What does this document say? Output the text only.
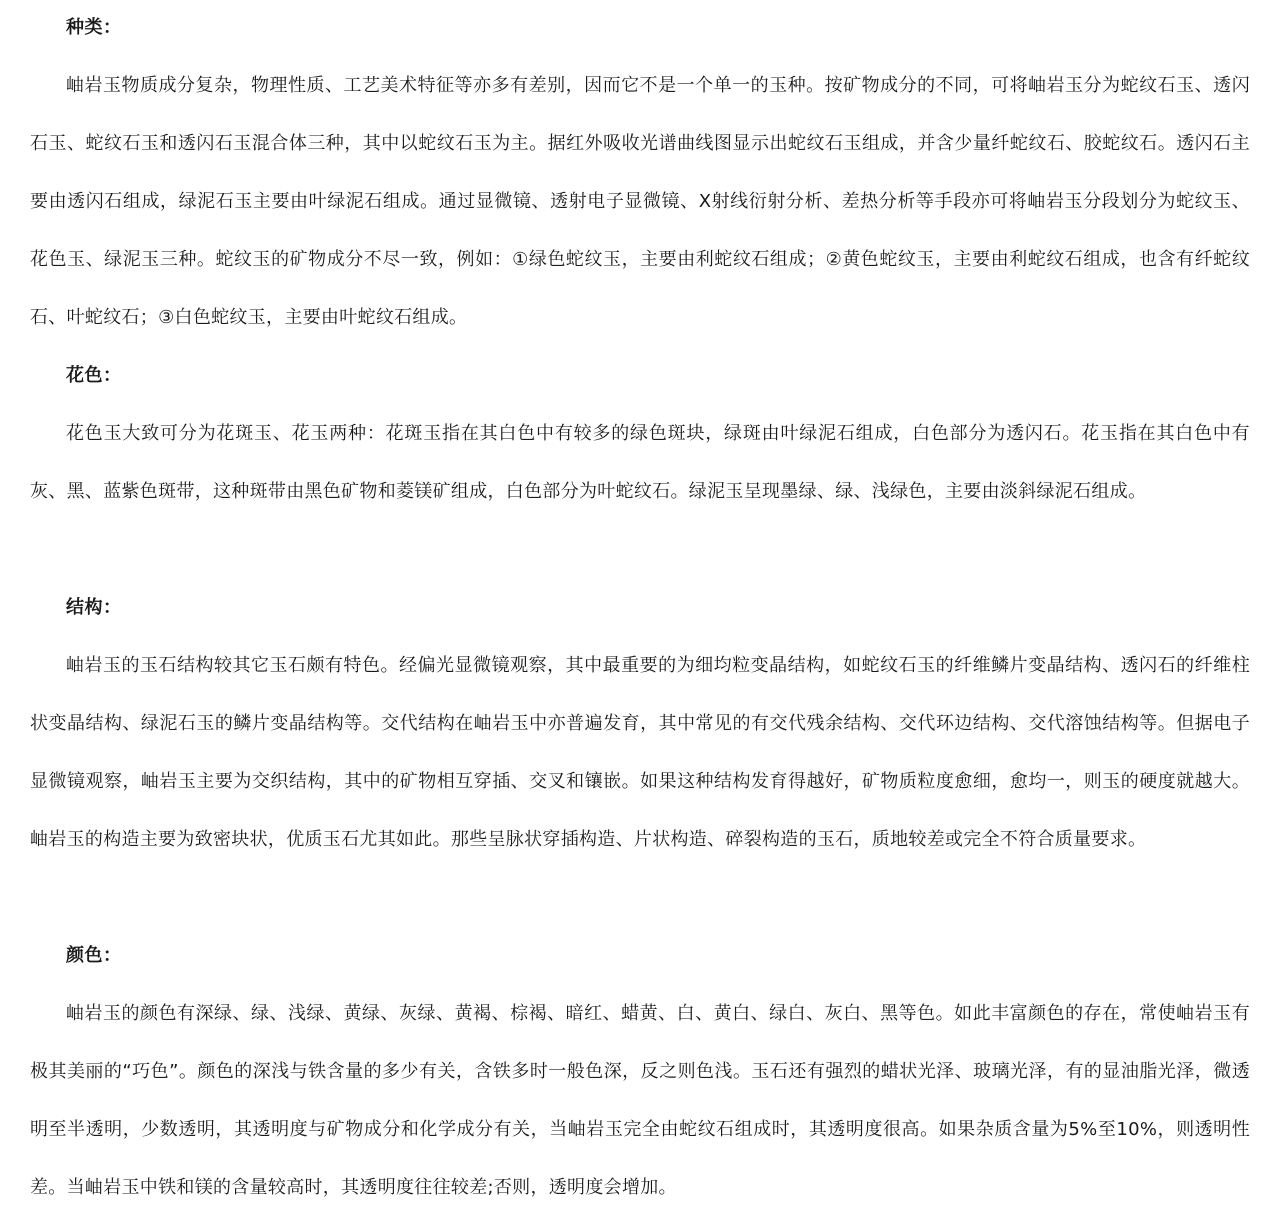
种类：

岫岩玉物质成分复杂，物理性质、工艺美术特征等亦多有差别，因而它不是一个单一的玉种。按矿物成分的不同，可将岫岩玉分为蛇纹石玉、透闪石玉、蛇纹石玉和透闪石玉混合体三种，其中以蛇纹石玉为主。据红外吸收光谱曲线图显示出蛇纹石玉组成，并含少量纤蛇纹石、胶蛇纹石。透闪石主要由透闪石组成，绿泥石玉主要由叶绿泥石组成。通过显微镜、透射电子显微镜、X射线衍射分析、差热分析等手段亦可将岫岩玉分段划分为蛇纹玉、花色玉、绿泥玉三种。蛇纹玉的矿物成分不尽一致，例如：①绿色蛇纹玉，主要由利蛇纹石组成；②黄色蛇纹玉，主要由利蛇纹石组成，也含有纤蛇纹石、叶蛇纹石；③白色蛇纹玉，主要由叶蛇纹石组成。

花色：

花色玉大致可分为花斑玉、花玉两种：花斑玉指在其白色中有较多的绿色斑块，绿斑由叶绿泥石组成，白色部分为透闪石。花玉指在其白色中有灰、黑、蓝紫色斑带，这种斑带由黑色矿物和菱镁矿组成，白色部分为叶蛇纹石。绿泥玉呈现墨绿、绿、浅绿色，主要由淡斜绿泥石组成。

结构：

岫岩玉的玉石结构较其它玉石颇有特色。经偏光显微镜观察，其中最重要的为细均粒变晶结构，如蛇纹石玉的纤维鳞片变晶结构、透闪石的纤维柱状变晶结构、绿泥石玉的鳞片变晶结构等。交代结构在岫岩玉中亦普遍发育，其中常见的有交代残余结构、交代环边结构、交代溶蚀结构等。但据电子显微镜观察，岫岩玉主要为交织结构，其中的矿物相互穿插、交叉和镶嵌。如果这种结构发育得越好，矿物质粒度愈细，愈均一，则玉的硬度就越大。岫岩玉的构造主要为致密块状，优质玉石尤其如此。那些呈脉状穿插构造、片状构造、碎裂构造的玉石，质地较差或完全不符合质量要求。

颜色：

岫岩玉的颜色有深绿、绿、浅绿、黄绿、灰绿、黄褐、棕褐、暗红、蜡黄、白、黄白、绿白、灰白、黑等色。如此丰富颜色的存在，常使岫岩玉有极其美丽的“巧色”。颜色的深浅与铁含量的多少有关，含铁多时一般色深，反之则色浅。玉石还有强烈的蜡状光泽、玻璃光泽，有的显油脂光泽，微透明至半透明，少数透明，其透明度与矿物成分和化学成分有关，当岫岩玉完全由蛇纹石组成时，其透明度很高。如果杂质含量为5%至10%，则透明性差。当岫岩玉中铁和镁的含量较高时，其透明度往往较差;否则，透明度会增加。
